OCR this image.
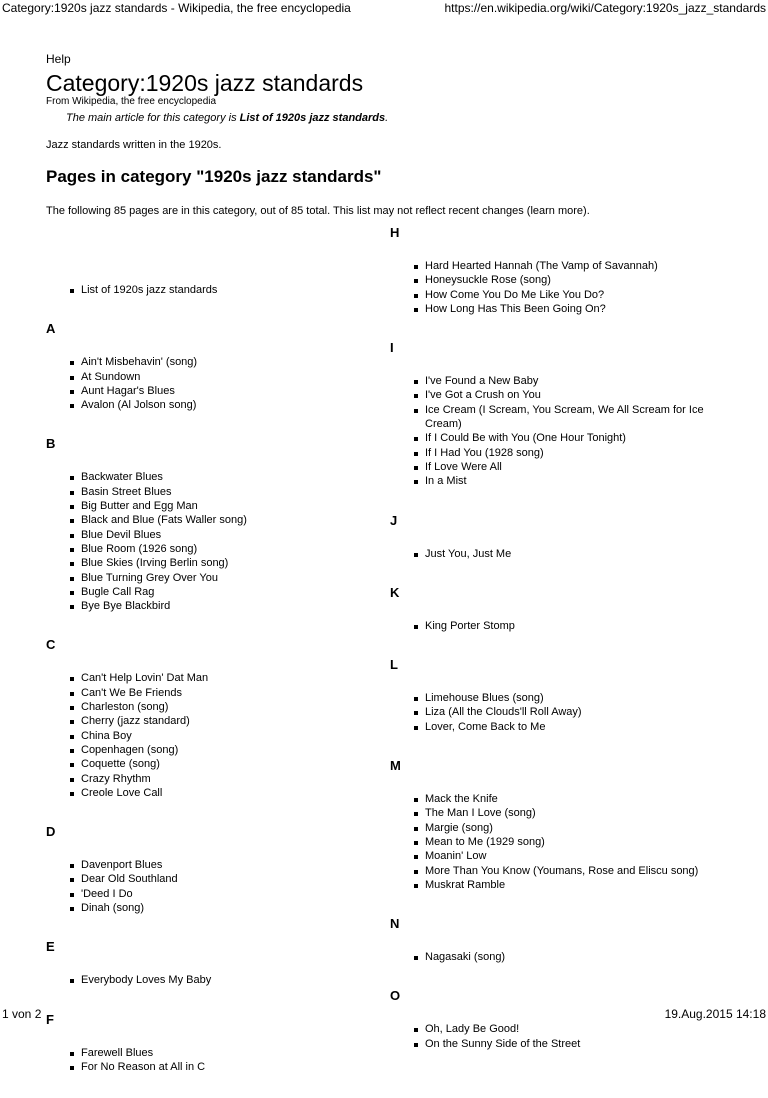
Category:1920s jazz standards - Wikipedia, the free encyclopedia	https://en.wikipedia.org/wiki/Category:1920s_jazz_standards
Help
Category:1920s jazz standards
From Wikipedia, the free encyclopedia
The main article for this category is List of 1920s jazz standards.
Jazz standards written in the 1920s.
Pages in category "1920s jazz standards"
The following 85 pages are in this category, out of 85 total. This list may not reflect recent changes (learn more).
List of 1920s jazz standards
A
Ain't Misbehavin' (song)
At Sundown
Aunt Hagar's Blues
Avalon (Al Jolson song)
B
Backwater Blues
Basin Street Blues
Big Butter and Egg Man
Black and Blue (Fats Waller song)
Blue Devil Blues
Blue Room (1926 song)
Blue Skies (Irving Berlin song)
Blue Turning Grey Over You
Bugle Call Rag
Bye Bye Blackbird
C
Can't Help Lovin' Dat Man
Can't We Be Friends
Charleston (song)
Cherry (jazz standard)
China Boy
Copenhagen (song)
Coquette (song)
Crazy Rhythm
Creole Love Call
D
Davenport Blues
Dear Old Southland
'Deed I Do
Dinah (song)
E
Everybody Loves My Baby
F
Farewell Blues
For No Reason at All in C
H
Hard Hearted Hannah (The Vamp of Savannah)
Honeysuckle Rose (song)
How Come You Do Me Like You Do?
How Long Has This Been Going On?
I
I've Found a New Baby
I've Got a Crush on You
Ice Cream (I Scream, You Scream, We All Scream for Ice Cream)
If I Could Be with You (One Hour Tonight)
If I Had You (1928 song)
If Love Were All
In a Mist
J
Just You, Just Me
K
King Porter Stomp
L
Limehouse Blues (song)
Liza (All the Clouds'll Roll Away)
Lover, Come Back to Me
M
Mack the Knife
The Man I Love (song)
Margie (song)
Mean to Me (1929 song)
Moanin' Low
More Than You Know (Youmans, Rose and Eliscu song)
Muskrat Ramble
N
Nagasaki (song)
O
Oh, Lady Be Good!
On the Sunny Side of the Street
1 von 2	19.Aug.2015 14:18
